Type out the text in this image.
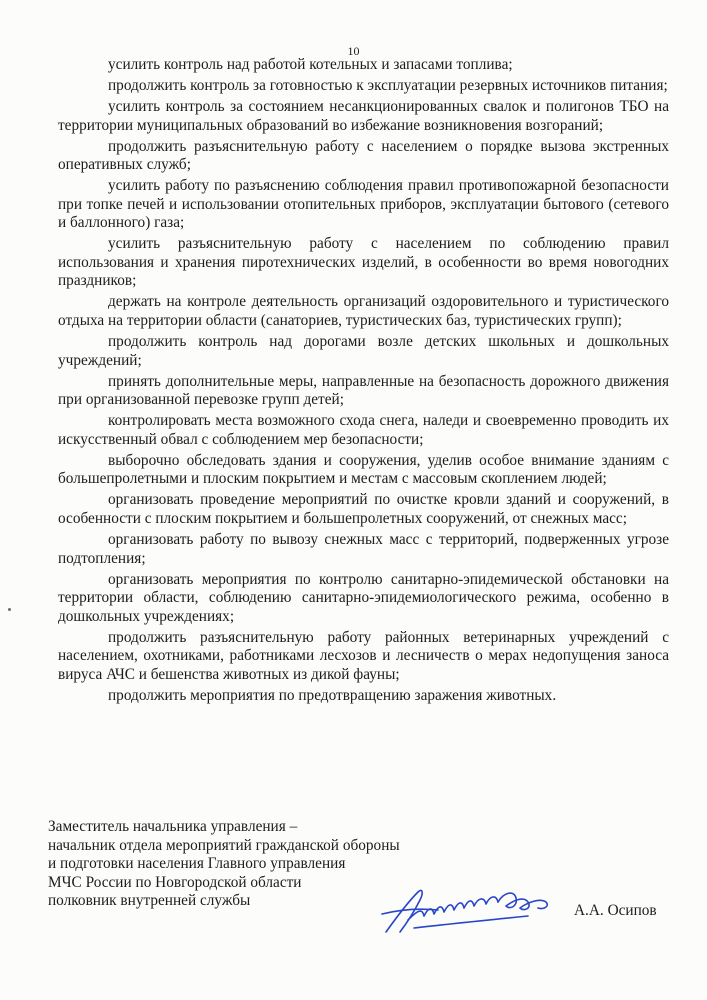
10

усилить контроль над работой котельных и запасами топлива;

продолжить контроль за готовностью к эксплуатации резервных источников питания;

усилить контроль за состоянием несанкционированных свалок и полигонов ТБО на территории муниципальных образований во избежание возникновения возгораний;

продолжить разъяснительную работу с населением о порядке вызова экстренных оперативных служб;

усилить работу по разъяснению соблюдения правил противопожарной безопасности при топке печей и использовании отопительных приборов, эксплуатации бытового (сетевого и баллонного) газа;

усилить разъяснительную работу с населением по соблюдению правил использования и хранения пиротехнических изделий, в особенности во время новогодних праздников;

держать на контроле деятельность организаций оздоровительного и туристического отдыха на территории области (санаториев, туристических баз, туристических групп);

продолжить контроль над дорогами возле детских школьных и дошкольных учреждений;

принять дополнительные меры, направленные на безопасность дорожного движения при организованной перевозке групп детей;

контролировать места возможного схода снега, наледи и своевременно проводить их искусственный обвал с соблюдением мер безопасности;

выборочно обследовать здания и сооружения, уделив особое внимание зданиям с большепролетными и плоским покрытием и местам с массовым скоплением людей;

организовать проведение мероприятий по очистке кровли зданий и сооружений, в особенности с плоским покрытием и большепролетных сооружений, от снежных масс;

организовать работу по вывозу снежных масс с территорий, подверженных угрозе подтопления;

организовать мероприятия по контролю санитарно-эпидемической обстановки на территории области, соблюдению санитарно-эпидемиологического режима, особенно в дошкольных учреждениях;

продолжить разъяснительную работу районных ветеринарных учреждений с населением, охотниками, работниками лесхозов и лесничеств о мерах недопущения заноса вируса АЧС и бешенства животных из дикой фауны;

продолжить мероприятия по предотвращению заражения животных.

Заместитель начальника управления –
начальник отдела мероприятий гражданской обороны
и подготовки населения Главного управления
МЧС России по Новгородской области
полковник внутренней службы
А.А. Осипов
